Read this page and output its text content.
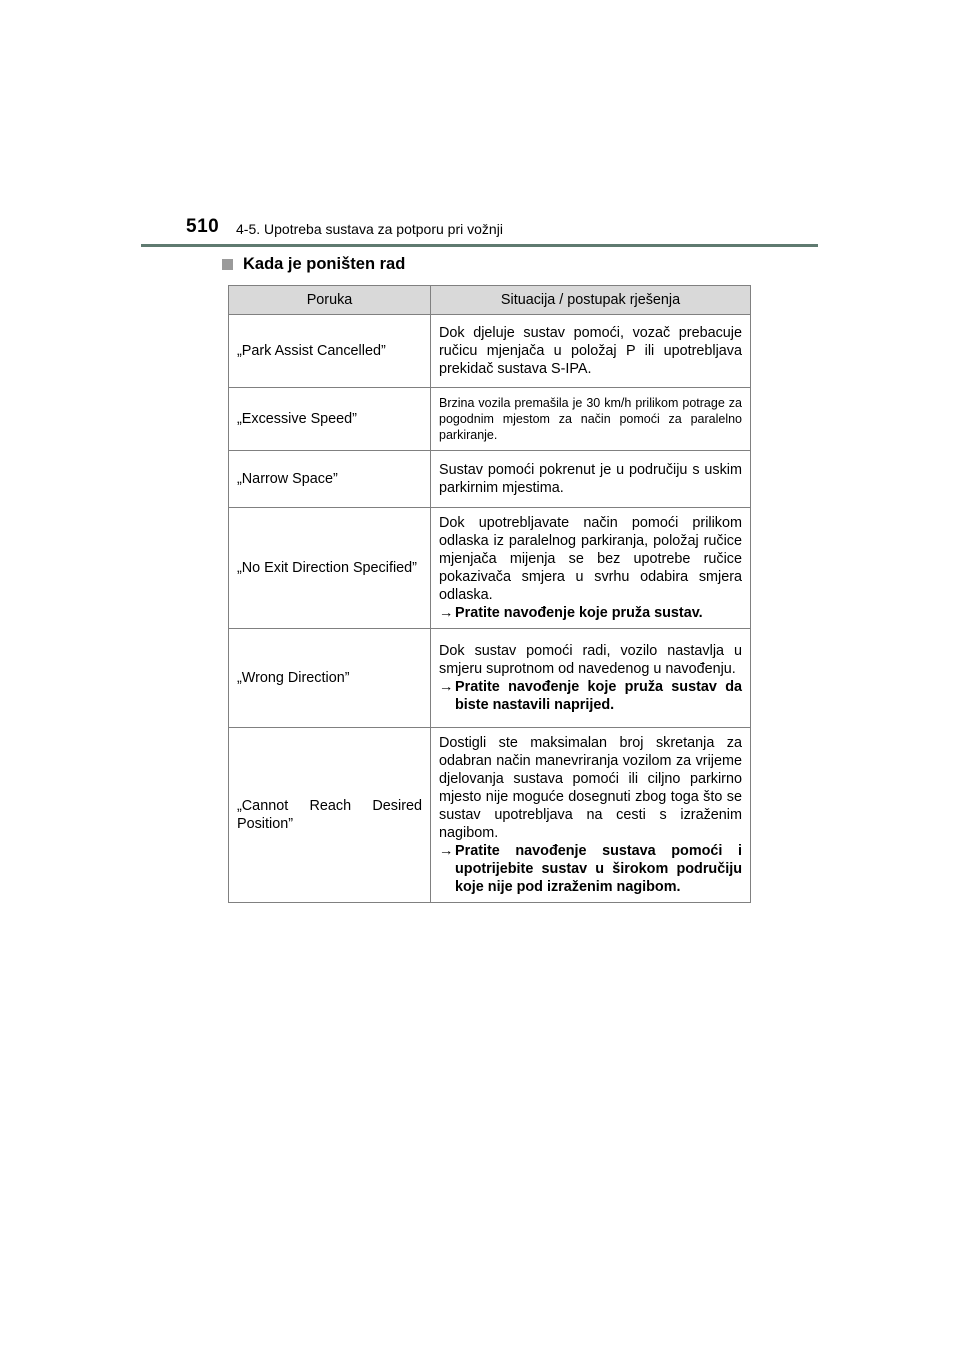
510 4-5. Upotreba sustava za potporu pri vožnji
Kada je poništen rad
Poruka	Situacija / postupak rješenja
„Park Assist Cancelled”	Dok djeluje sustav pomoći, vozač prebacuje ručicu mjenjača u položaj P ili upotrebljava prekidač sustava S-IPA.

„Excessive Speed”	Brzina vozila premašila je 30 km/h prilikom potrage za pogodnim mjestom za način pomoći za paralelno parkiranje.

„Narrow Space”	Sustav pomoći pokrenut je u područiju s uskim parkirnim mjestima.

„No Exit Direction Specified”	Dok upotrebljavate način pomoći prilikom odlaska iz paralelnog parkiranja, položaj ručice mjenjača mijenja se bez upotrebe ručice pokazivača smjera u svrhu odabira smjera odlaska.
→ Pratite navođenje koje pruža sustav.

„Wrong Direction”	Dok sustav pomoći radi, vozilo nastavlja u smjeru suprotnom od navedenog u navođenju.
→ Pratite navođenje koje pruža sustav da biste nastavili naprijed.

„Cannot Reach Desired Position”	Dostigli ste maksimalan broj skretanja za odabran način manevriranja vozilom za vrijeme djelovanja sustava pomoći ili ciljno parkirno mjesto nije moguće dosegnuti zbog toga što se sustav upotrebljava na cesti s izraženim nagibom.
→ Pratite navođenje sustava pomoći i upotrijebite sustav u širokom područiju koje nije pod izraženim nagibom.
